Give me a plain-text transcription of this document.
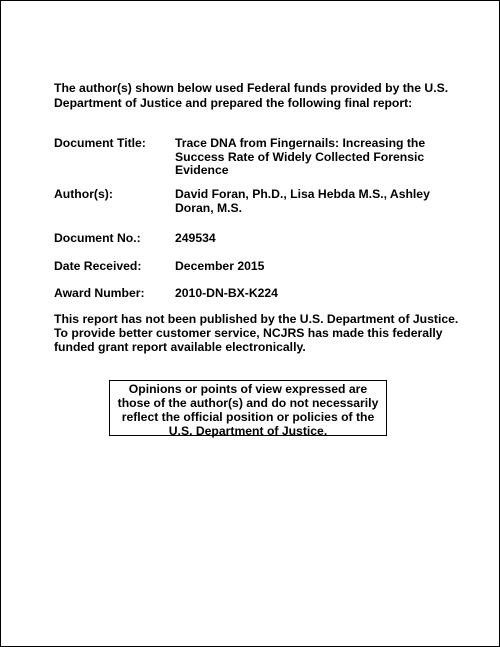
The author(s) shown below used Federal funds provided by the U.S. Department of Justice and prepared the following final report:
Document Title:	Trace DNA from Fingernails: Increasing the Success Rate of Widely Collected Forensic Evidence
Author(s):	David Foran, Ph.D., Lisa Hebda M.S., Ashley Doran, M.S.
Document No.:	249534
Date Received:	December 2015
Award Number:	2010-DN-BX-K224
This report has not been published by the U.S. Department of Justice. To provide better customer service, NCJRS has made this federally funded grant report available electronically.
Opinions or points of view expressed are those of the author(s) and do not necessarily reflect the official position or policies of the U.S. Department of Justice.
